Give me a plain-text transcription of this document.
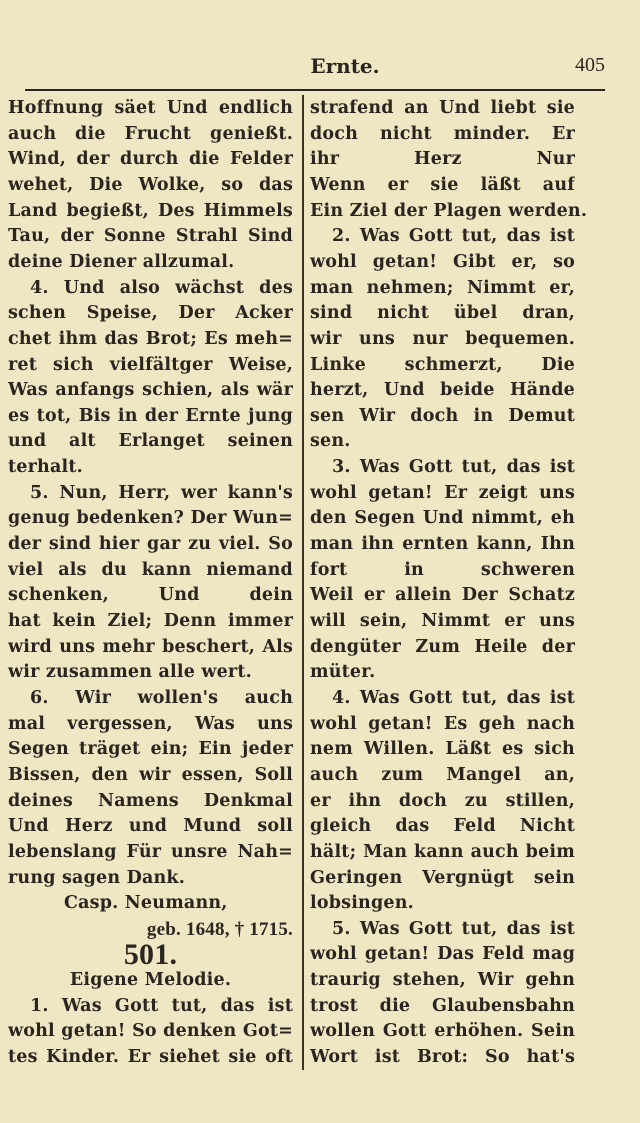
Ernte.	405
Hoffnung säet Und endlich
auch die Frucht genießt.
Wind, der durch die Felder
wehet, Die Wolke, so das
Land begießt, Des Himmels
Tau, der Sonne Strahl Sind
deine Diener allzumal.
4. Und also wächst des
schen Speise, Der Acker
chet ihm das Brot; Es meh=
ret sich vielfältger Weise,
Was anfangs schien, als wär
es tot, Bis in der Ernte jung
und alt Erlanget seinen
terhalt.
5. Nun, Herr, wer kann's
genug bedenken? Der Wun=
der sind hier gar zu viel. So
viel als du kann niemand
schenken, Und dein
hat kein Ziel; Denn immer
wird uns mehr beschert, Als
wir zusammen alle wert.
6. Wir wollen's auch
mal vergessen, Was uns
Segen träget ein; Ein jeder
Bissen, den wir essen, Soll
deines Namens Denkmal
Und Herz und Mund soll
lebenslang Für unsre Nah=
rung sagen Dank.
Casp. Neumann,
geb. 1648, † 1715.
501.
Eigene Melodie.
1. Was Gott tut, das ist
wohl getan! So denken Got=
tes Kinder. Er siehet sie oft
strafend an Und liebt sie
doch nicht minder. Er
ihr Herz Nur
Wenn er sie läßt auf
Ein Ziel der Plagen werden.
2. Was Gott tut, das ist
wohl getan! Gibt er, so
man nehmen; Nimmt er,
sind nicht übel dran,
wir uns nur bequemen.
Linke schmerzt, Die
herzt, Und beide Hände
sen Wir doch in Demut
sen.
3. Was Gott tut, das ist
wohl getan! Er zeigt uns
den Segen Und nimmt, eh
man ihn ernten kann, Ihn
fort in schweren
Weil er allein Der Schatz
will sein, Nimmt er uns
dengüter Zum Heile der
müter.
4. Was Gott tut, das ist
wohl getan! Es geh nach
nem Willen. Läßt es sich
auch zum Mangel an,
er ihn doch zu stillen,
gleich das Feld Nicht
hält; Man kann auch beim
Geringen Vergnügt sein
lobsingen.
5. Was Gott tut, das ist
wohl getan! Das Feld mag
traurig stehen, Wir gehn
trost die Glaubensbahn
wollen Gott erhöhen. Sein
Wort ist Brot: So hat's
